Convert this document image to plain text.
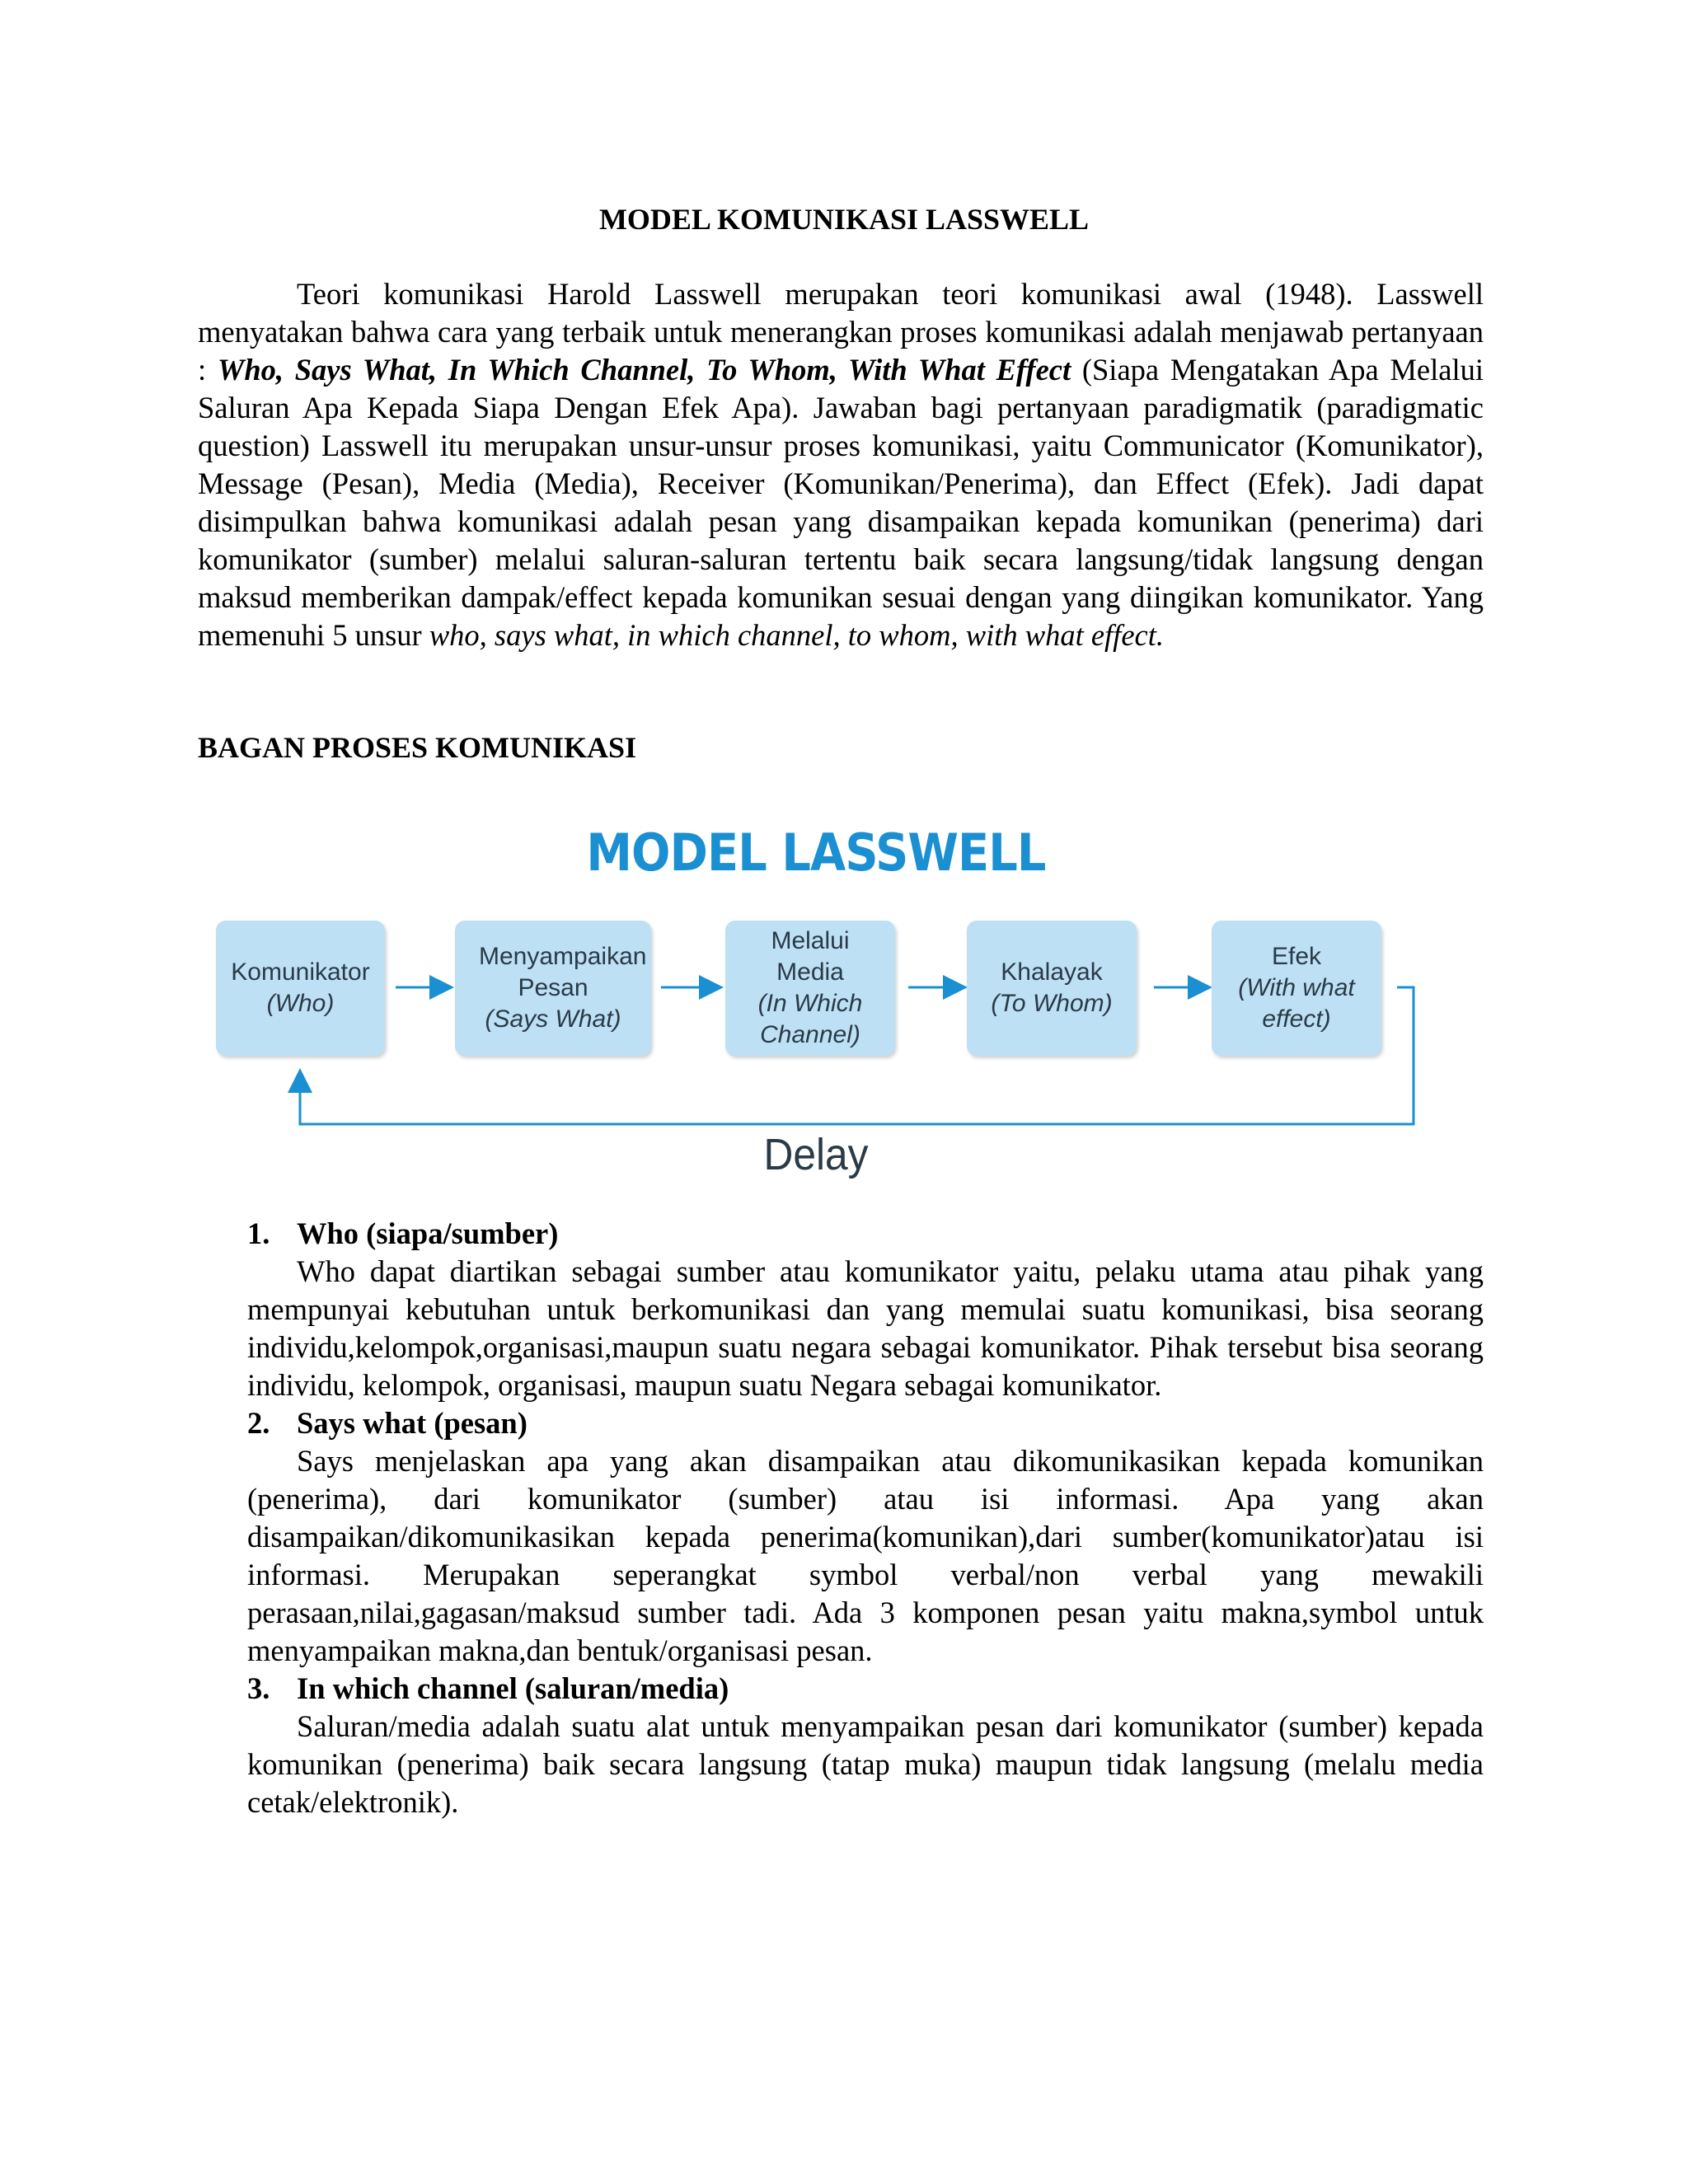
MODEL KOMUNIKASI LASSWELL

Teori komunikasi Harold Lasswell merupakan teori komunikasi awal (1948). Lasswell menyatakan bahwa cara yang terbaik untuk menerangkan proses komunikasi adalah menjawab pertanyaan : Who, Says What, In Which Channel, To Whom, With What Effect (Siapa Mengatakan Apa Melalui Saluran Apa Kepada Siapa Dengan Efek Apa). Jawaban bagi pertanyaan paradigmatik (paradigmatic question) Lasswell itu merupakan unsur-unsur proses komunikasi, yaitu Communicator (Komunikator), Message (Pesan), Media (Media), Receiver (Komunikan/Penerima), dan Effect (Efek). Jadi dapat disimpulkan bahwa komunikasi adalah pesan yang disampaikan kepada komunikan (penerima) dari komunikator (sumber) melalui saluran-saluran tertentu baik secara langsung/tidak langsung dengan maksud memberikan dampak/effect kepada komunikan sesuai dengan yang diingikan komunikator. Yang memenuhi 5 unsur who, says what, in which channel, to whom, with what effect.

BAGAN PROSES KOMUNIKASI
MODEL LASSWELL
Komunikator
(Who)
Menyampaikan Pesan
(Says What)
Melalui Media
(In Which Channel)
Khalayak
(To Whom)
Efek
(With what effect)
Delay
1. Who (siapa/sumber)

Who dapat diartikan sebagai sumber atau komunikator yaitu, pelaku utama atau pihak yang mempunyai kebutuhan untuk berkomunikasi dan yang memulai suatu komunikasi, bisa seorang individu,kelompok,organisasi,maupun suatu negara sebagai komunikator. Pihak tersebut bisa seorang individu, kelompok, organisasi, maupun suatu Negara sebagai komunikator.

2. Says what (pesan)

Says menjelaskan apa yang akan disampaikan atau dikomunikasikan kepada komunikan (penerima), dari komunikator (sumber) atau isi informasi. Apa yang akan disampaikan/dikomunikasikan kepada penerima(komunikan),dari sumber(komunikator)atau isi informasi. Merupakan seperangkat symbol verbal/non verbal yang mewakili perasaan,nilai,gagasan/maksud sumber tadi. Ada 3 komponen pesan yaitu makna,symbol untuk menyampaikan makna,dan bentuk/organisasi pesan.

3. In which channel (saluran/media)

Saluran/media adalah suatu alat untuk menyampaikan pesan dari komunikator (sumber) kepada komunikan (penerima) baik secara langsung (tatap muka) maupun tidak langsung (melalu media cetak/elektronik).
